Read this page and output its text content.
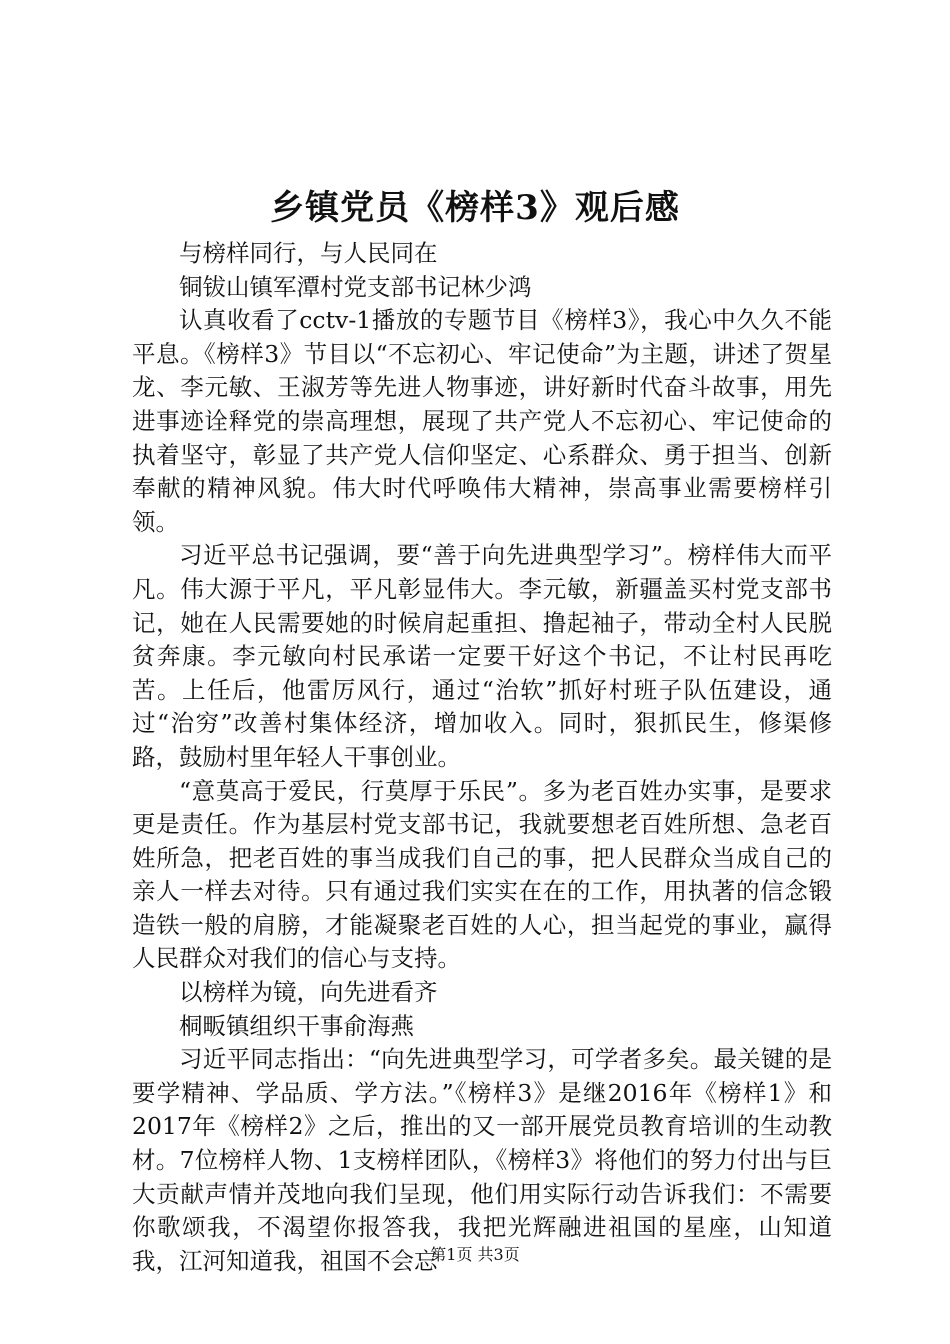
乡镇党员《榜样3》观后感

与榜样同行，与人民同在

铜钹山镇军潭村党支部书记林少鸿

认真收看了cctv-1播放的专题节目《榜样3》，我心中久久不能平息。《榜样3》节目以“不忘初心、牢记使命”为主题，讲述了贺星龙、李元敏、王淑芳等先进人物事迹，讲好新时代奋斗故事，用先进事迹诠释党的崇高理想，展现了共产党人不忘初心、牢记使命的执着坚守，彰显了共产党人信仰坚定、心系群众、勇于担当、创新奉献的精神风貌。伟大时代呼唤伟大精神，崇高事业需要榜样引领。

习近平总书记强调，要“善于向先进典型学习”。榜样伟大而平凡。伟大源于平凡，平凡彰显伟大。李元敏，新疆盖买村党支部书记，她在人民需要她的时候肩起重担、撸起袖子，带动全村人民脱贫奔康。李元敏向村民承诺一定要干好这个书记，不让村民再吃苦。上任后，他雷厉风行，通过“治软”抓好村班子队伍建设，通过“治穷”改善村集体经济，增加收入。同时，狠抓民生，修渠修路，鼓励村里年轻人干事创业。

“意莫高于爱民，行莫厚于乐民”。多为老百姓办实事，是要求更是责任。作为基层村党支部书记，我就要想老百姓所想、急老百姓所急，把老百姓的事当成我们自己的事，把人民群众当成自己的亲人一样去对待。只有通过我们实实在在的工作，用执著的信念锻造铁一般的肩膀，才能凝聚老百姓的人心，担当起党的事业，赢得人民群众对我们的信心与支持。

以榜样为镜，向先进看齐

桐畈镇组织干事俞海燕

习近平同志指出：“向先进典型学习，可学者多矣。最关键的是要学精神、学品质、学方法。”《榜样3》是继2016年《榜样1》和2017年《榜样2》之后，推出的又一部开展党员教育培训的生动教材。7位榜样人物、1支榜样团队，《榜样3》将他们的努力付出与巨大贡献声情并茂地向我们呈现，他们用实际行动告诉我们：不需要你歌颂我，不渴望你报答我，我把光辉融进祖国的星座，山知道我，江河知道我，祖国不会忘

第1页 共3页
